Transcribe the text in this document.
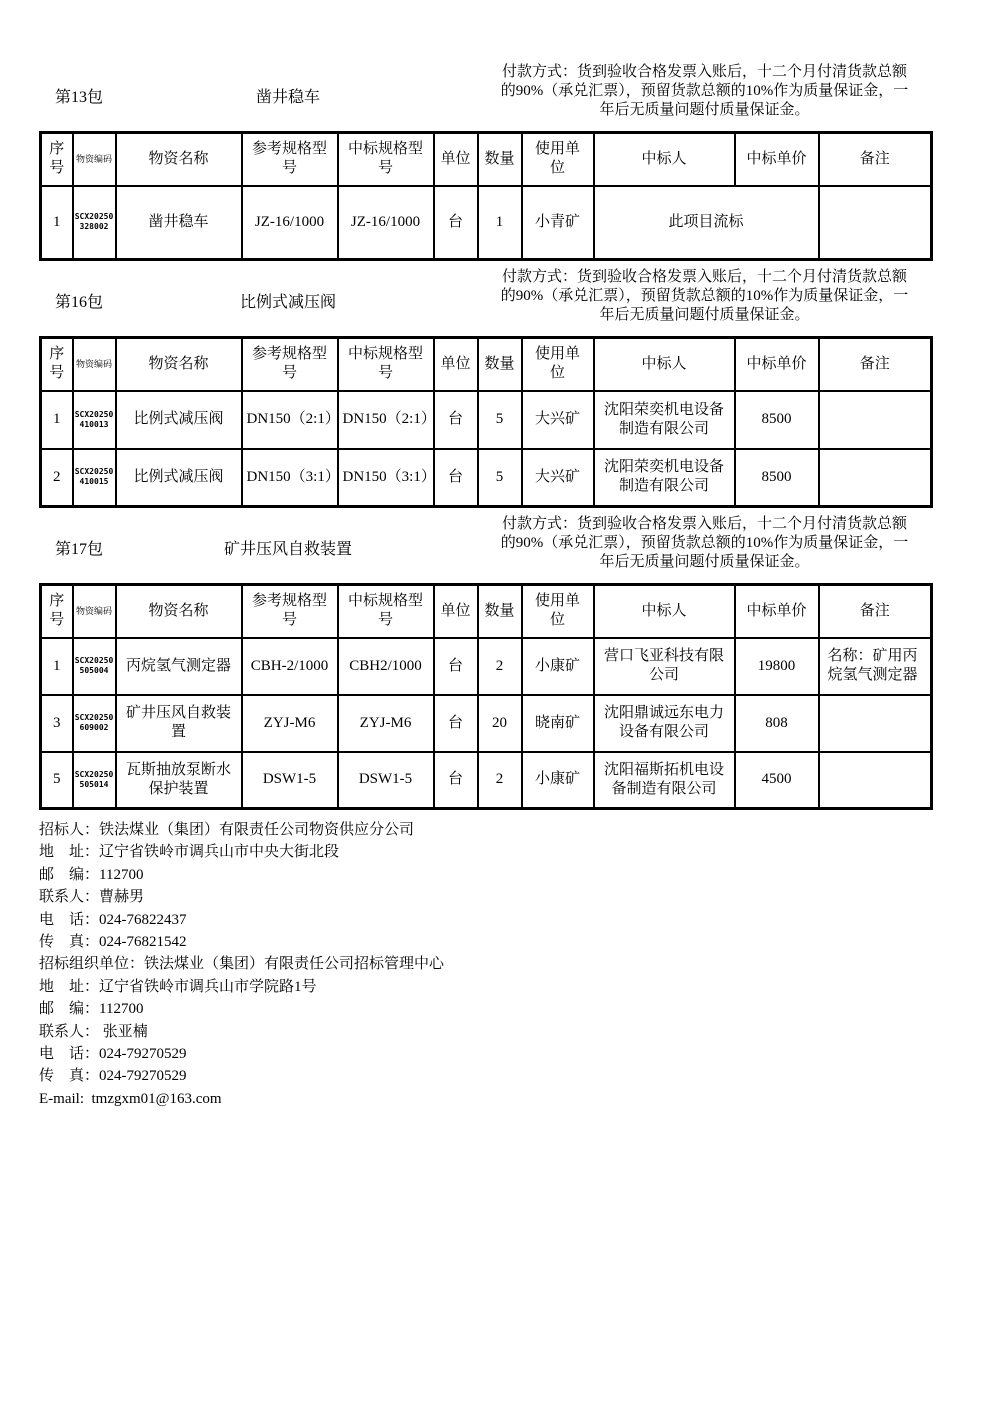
第13包	凿井稳车
付款方式：货到验收合格发票入账后，十二个月付清货款总额
的90%（承兑汇票），预留货款总额的10%作为质量保证金，一
年后无质量问题付质量保证金。
序号	物资编码	物资名称	参考规格型号	中标规格型号	单位	数量	使用单位	中标人	中标单价	备注
1	SCX20250328002	凿井稳车	JZ-16/1000	JZ-16/1000	台	1	小青矿	此项目流标		
第16包	比例式减压阀
付款方式：货到验收合格发票入账后，十二个月付清货款总额
的90%（承兑汇票），预留货款总额的10%作为质量保证金，一
年后无质量问题付质量保证金。
序号	物资编码	物资名称	参考规格型号	中标规格型号	单位	数量	使用单位	中标人	中标单价	备注
1	SCX20250410013	比例式减压阀	DN150（2:1）	DN150（2:1）	台	5	大兴矿	沈阳荣奕机电设备制造有限公司	8500	
2	SCX20250410015	比例式减压阀	DN150（3:1）	DN150（3:1）	台	5	大兴矿	沈阳荣奕机电设备制造有限公司	8500	
第17包	矿井压风自救装置
付款方式：货到验收合格发票入账后，十二个月付清货款总额
的90%（承兑汇票），预留货款总额的10%作为质量保证金，一
年后无质量问题付质量保证金。
序号	物资编码	物资名称	参考规格型号	中标规格型号	单位	数量	使用单位	中标人	中标单价	备注
1	SCX20250505004	丙烷氢气测定器	CBH-2/1000	CBH2/1000	台	2	小康矿	营口飞亚科技有限公司	19800	名称：矿用丙烷氢气测定器
3	SCX20250609002	矿井压风自救装置	ZYJ-M6	ZYJ-M6	台	20	晓南矿	沈阳鼎诚远东电力设备有限公司	808	
5	SCX20250505014	瓦斯抽放泵断水保护装置	DSW1-5	DSW1-5	台	2	小康矿	沈阳福斯拓机电设备制造有限公司	4500	
招标人：铁法煤业（集团）有限责任公司物资供应分公司
地　址：辽宁省铁岭市调兵山市中央大街北段
邮　编：112700
联系人：曹赫男
电　话：024-76822437
传　真：024-76821542
招标组织单位：铁法煤业（集团）有限责任公司招标管理中心
地　址：辽宁省铁岭市调兵山市学院路1号
邮　编：112700
联系人： 张亚楠
电　话：024-79270529
传　真：024-79270529
E-mail:  tmzgxm01@163.com
